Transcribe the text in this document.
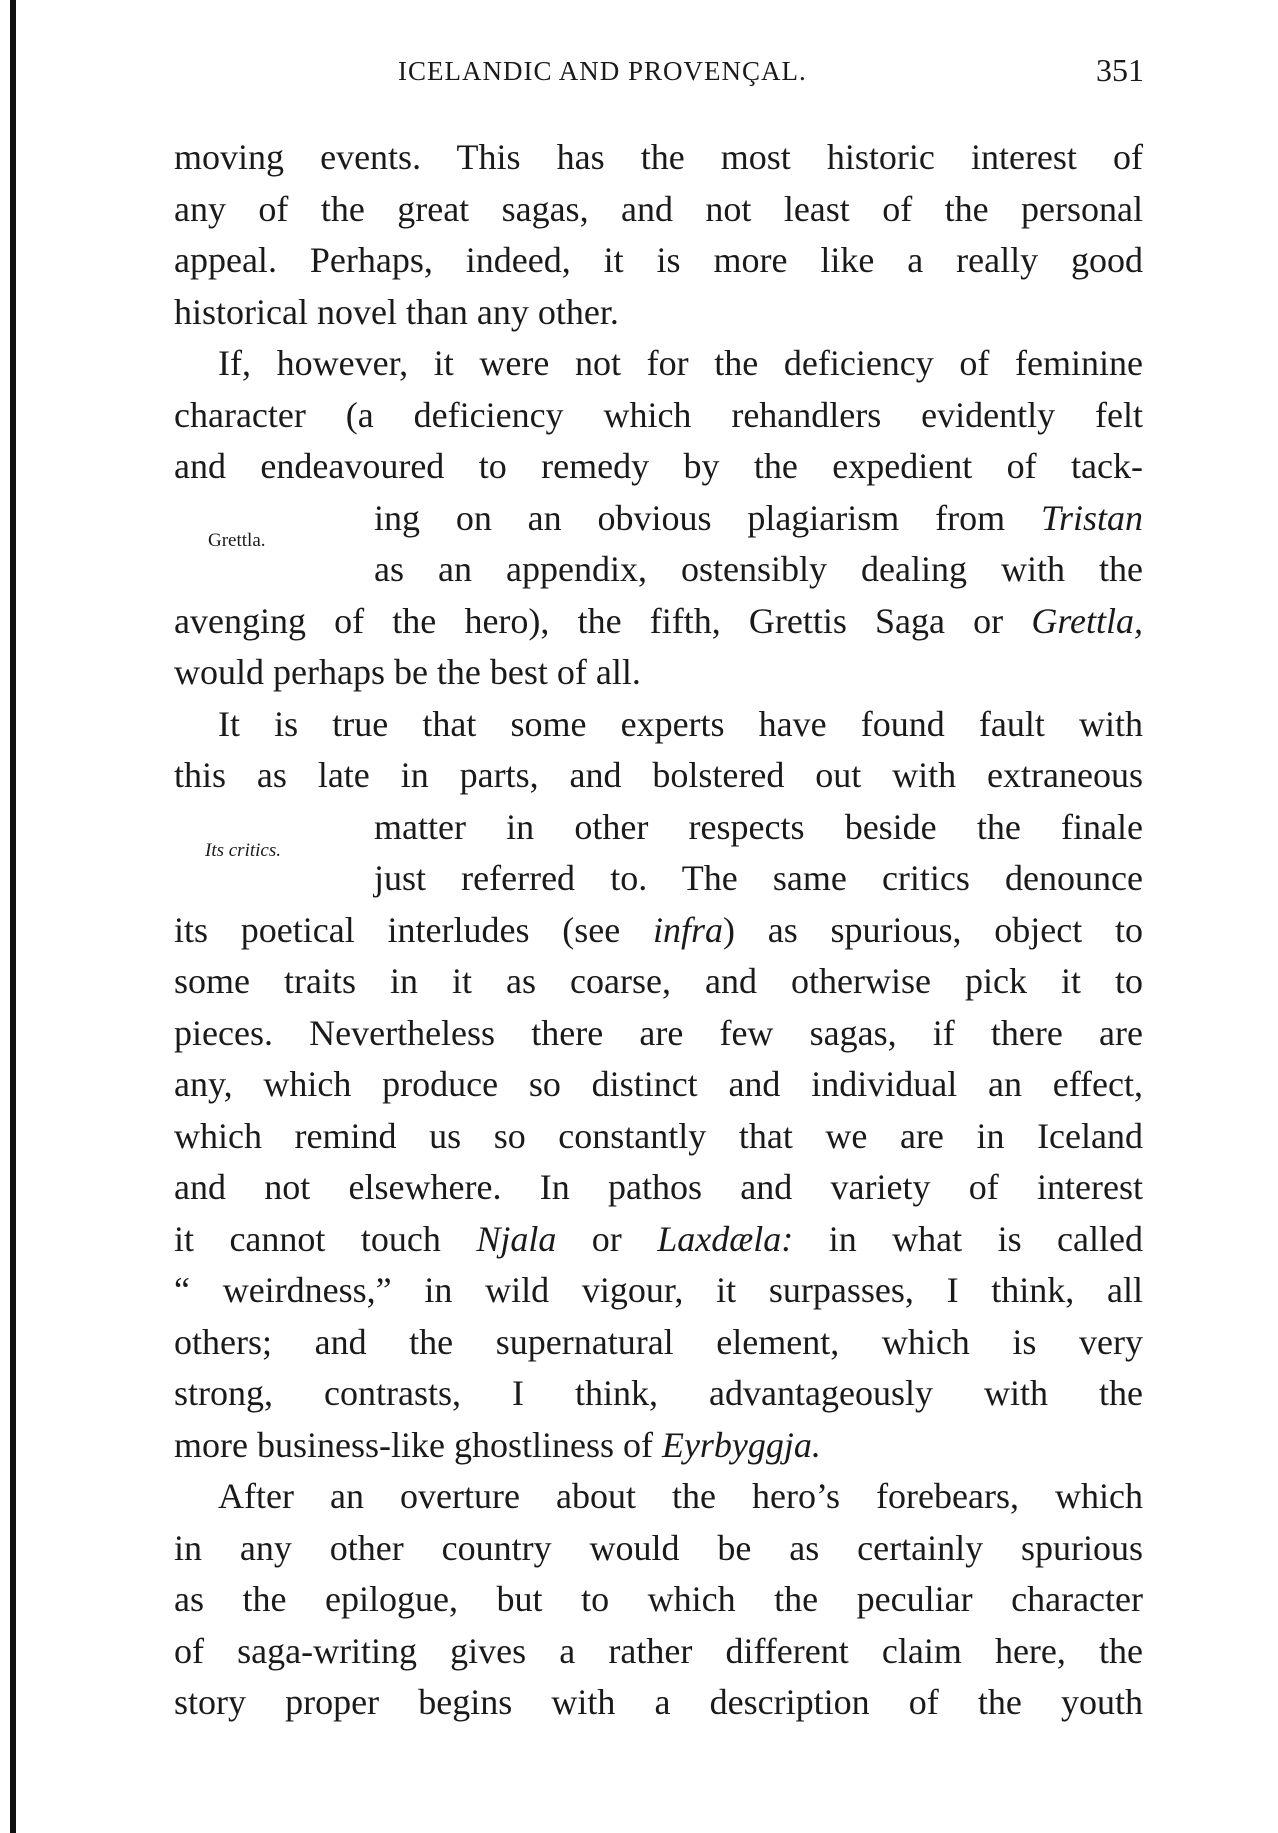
ICELANDIC AND PROVENÇAL.	351
moving events. This has the most historic interest of
any of the great sagas, and not least of the personal
appeal. Perhaps, indeed, it is more like a really good
historical novel than any other.
If, however, it were not for the deficiency of feminine
character (a deficiency which rehandlers evidently felt
and endeavoured to remedy by the expedient of tack-
ing on an obvious plagiarism from Tristan
as an appendix, ostensibly dealing with the
avenging of the hero), the fifth, Grettis Saga or Grettla,
would perhaps be the best of all.
It is true that some experts have found fault with
this as late in parts, and bolstered out with extraneous
matter in other respects beside the finale
just referred to. The same critics denounce
its poetical interludes (see infra) as spurious, object to
some traits in it as coarse, and otherwise pick it to
pieces. Nevertheless there are few sagas, if there are
any, which produce so distinct and individual an effect,
which remind us so constantly that we are in Iceland
and not elsewhere. In pathos and variety of interest
it cannot touch Njala or Laxdæla: in what is called
“ weirdness,” in wild vigour, it surpasses, I think, all
others; and the supernatural element, which is very
strong, contrasts, I think, advantageously with the
more business-like ghostliness of Eyrbyggja.
After an overture about the hero’s forebears, which
in any other country would be as certainly spurious
as the epilogue, but to which the peculiar character
of saga-writing gives a rather different claim here, the
story proper begins with a description of the youth
Grettla.
Its critics.
